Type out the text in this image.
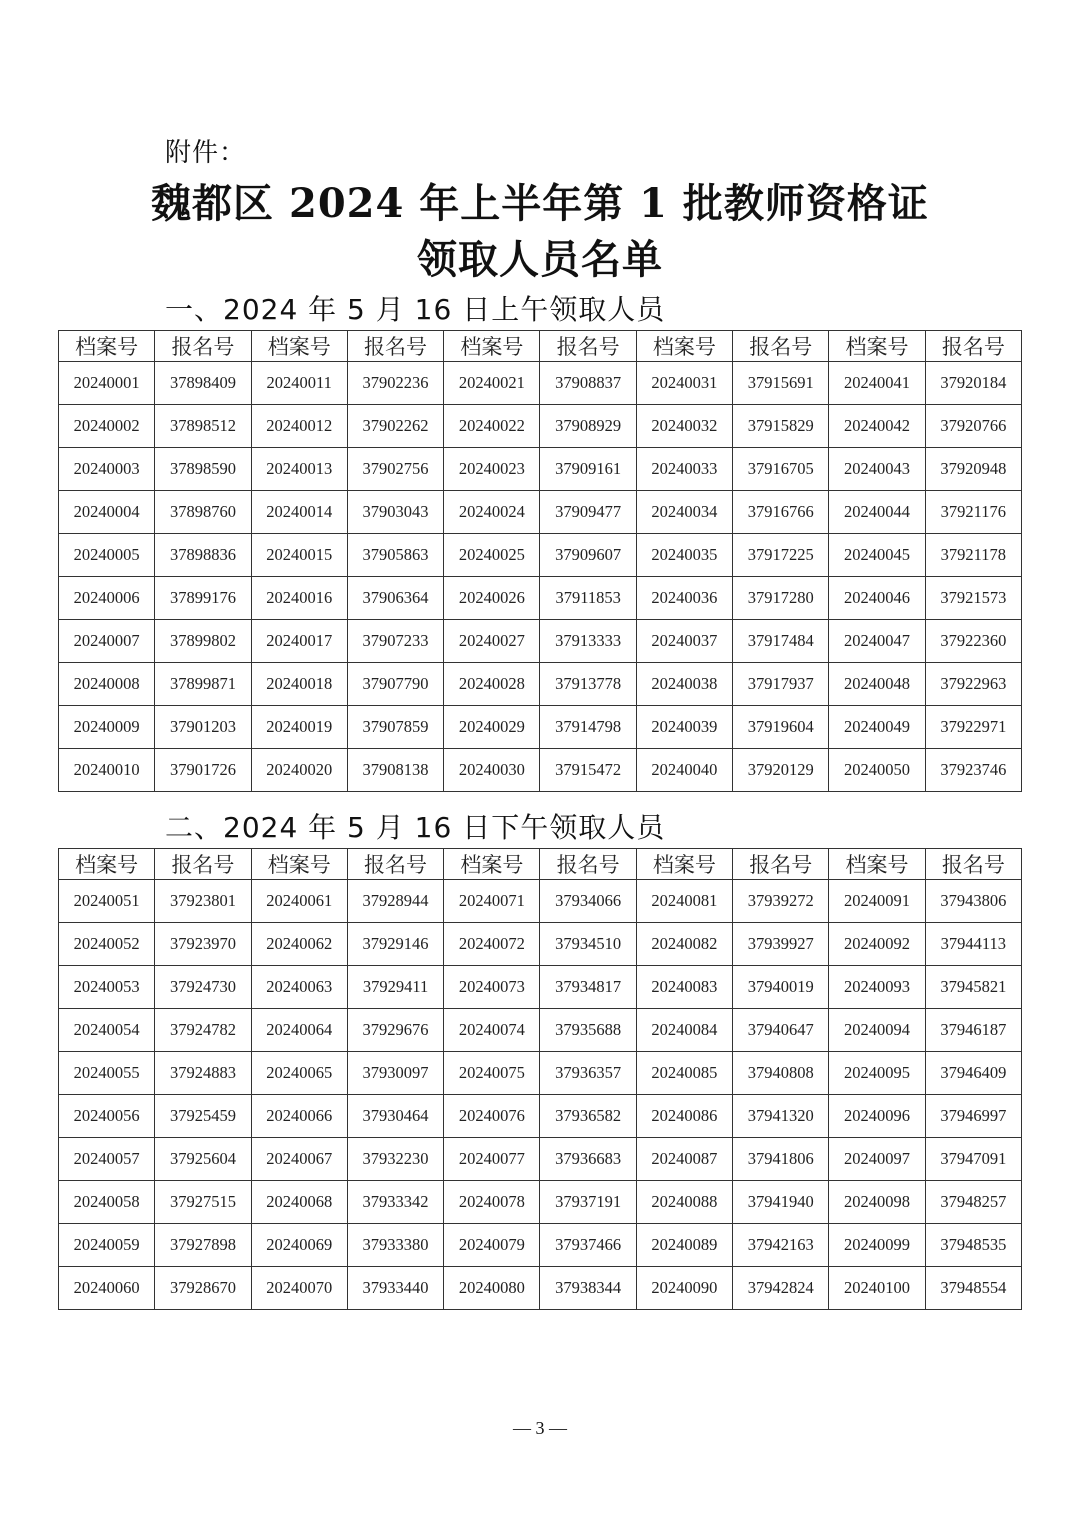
附件：
魏都区 2024 年上半年第 1 批教师资格证
领取人员名单
一、2024 年 5 月 16 日上午领取人员
档案号	报名号	档案号	报名号	档案号	报名号	档案号	报名号	档案号	报名号
20240001	37898409	20240011	37902236	20240021	37908837	20240031	37915691	20240041	37920184
20240002	37898512	20240012	37902262	20240022	37908929	20240032	37915829	20240042	37920766
20240003	37898590	20240013	37902756	20240023	37909161	20240033	37916705	20240043	37920948
20240004	37898760	20240014	37903043	20240024	37909477	20240034	37916766	20240044	37921176
20240005	37898836	20240015	37905863	20240025	37909607	20240035	37917225	20240045	37921178
20240006	37899176	20240016	37906364	20240026	37911853	20240036	37917280	20240046	37921573
20240007	37899802	20240017	37907233	20240027	37913333	20240037	37917484	20240047	37922360
20240008	37899871	20240018	37907790	20240028	37913778	20240038	37917937	20240048	37922963
20240009	37901203	20240019	37907859	20240029	37914798	20240039	37919604	20240049	37922971
20240010	37901726	20240020	37908138	20240030	37915472	20240040	37920129	20240050	37923746
二、2024 年 5 月 16 日下午领取人员
档案号	报名号	档案号	报名号	档案号	报名号	档案号	报名号	档案号	报名号
20240051	37923801	20240061	37928944	20240071	37934066	20240081	37939272	20240091	37943806
20240052	37923970	20240062	37929146	20240072	37934510	20240082	37939927	20240092	37944113
20240053	37924730	20240063	37929411	20240073	37934817	20240083	37940019	20240093	37945821
20240054	37924782	20240064	37929676	20240074	37935688	20240084	37940647	20240094	37946187
20240055	37924883	20240065	37930097	20240075	37936357	20240085	37940808	20240095	37946409
20240056	37925459	20240066	37930464	20240076	37936582	20240086	37941320	20240096	37946997
20240057	37925604	20240067	37932230	20240077	37936683	20240087	37941806	20240097	37947091
20240058	37927515	20240068	37933342	20240078	37937191	20240088	37941940	20240098	37948257
20240059	37927898	20240069	37933380	20240079	37937466	20240089	37942163	20240099	37948535
20240060	37928670	20240070	37933440	20240080	37938344	20240090	37942824	20240100	37948554
— 3 —
